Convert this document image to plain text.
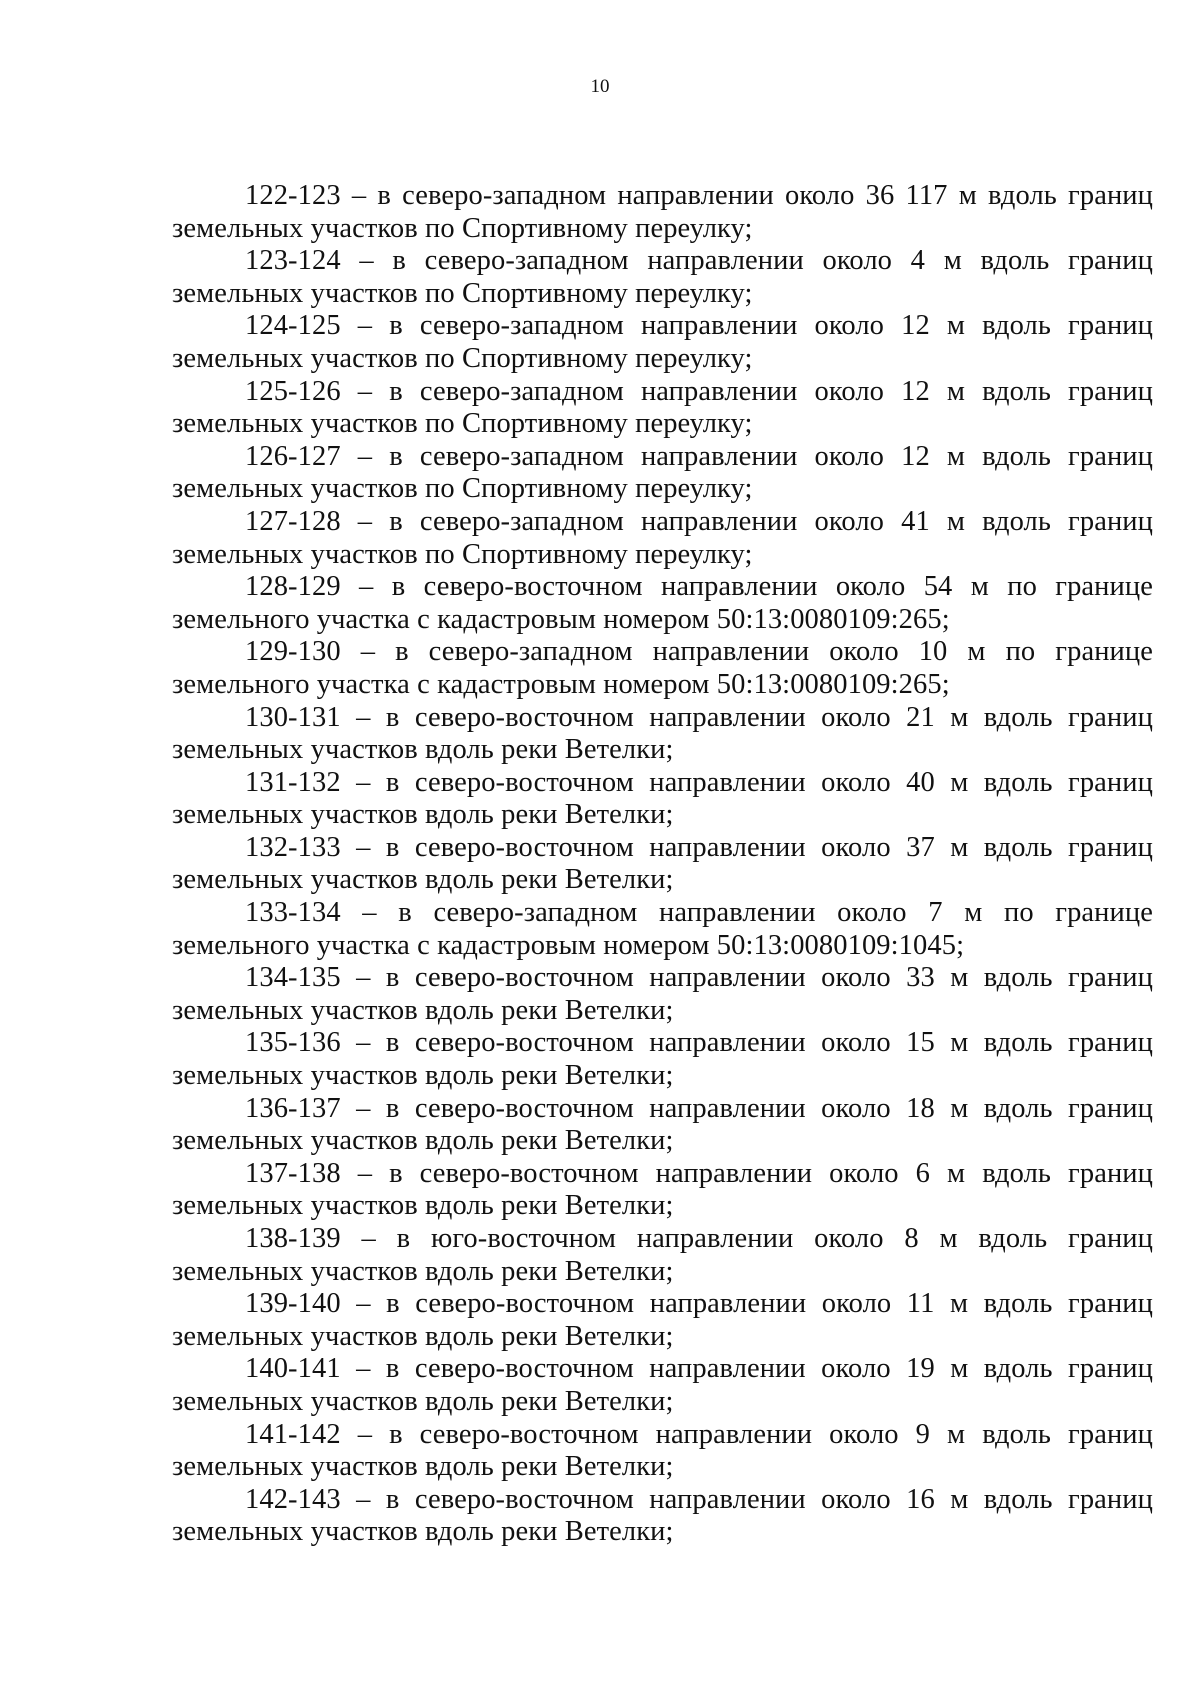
10

122-123 – в северо-западном направлении около 36 117 м вдоль границ земельных участков по Спортивному переулку;

123-124 – в северо-западном направлении около 4 м вдоль границ земельных участков по Спортивному переулку;

124-125 – в северо-западном направлении около 12 м вдоль границ земельных участков по Спортивному переулку;

125-126 – в северо-западном направлении около 12 м вдоль границ земельных участков по Спортивному переулку;

126-127 – в северо-западном направлении около 12 м вдоль границ земельных участков по Спортивному переулку;

127-128 – в северо-западном направлении около 41 м вдоль границ земельных участков по Спортивному переулку;

128-129 – в северо-восточном направлении около 54 м по границе земельного участка с кадастровым номером 50:13:0080109:265;

129-130 – в северо-западном направлении около 10 м по границе земельного участка с кадастровым номером 50:13:0080109:265;

130-131 – в северо-восточном направлении около 21 м вдоль границ земельных участков вдоль реки Ветелки;

131-132 – в северо-восточном направлении около 40 м вдоль границ земельных участков вдоль реки Ветелки;

132-133 – в северо-восточном направлении около 37 м вдоль границ земельных участков вдоль реки Ветелки;

133-134 – в северо-западном направлении около 7 м по границе земельного участка с кадастровым номером 50:13:0080109:1045;

134-135 – в северо-восточном направлении около 33 м вдоль границ земельных участков вдоль реки Ветелки;

135-136 – в северо-восточном направлении около 15 м вдоль границ земельных участков вдоль реки Ветелки;

136-137 – в северо-восточном направлении около 18 м вдоль границ земельных участков вдоль реки Ветелки;

137-138 – в северо-восточном направлении около 6 м вдоль границ земельных участков вдоль реки Ветелки;

138-139 – в юго-восточном направлении около 8 м вдоль границ земельных участков вдоль реки Ветелки;

139-140 – в северо-восточном направлении около 11 м вдоль границ земельных участков вдоль реки Ветелки;

140-141 – в северо-восточном направлении около 19 м вдоль границ земельных участков вдоль реки Ветелки;

141-142 – в северо-восточном направлении около 9 м вдоль границ земельных участков вдоль реки Ветелки;

142-143 – в северо-восточном направлении около 16 м вдоль границ земельных участков вдоль реки Ветелки;
